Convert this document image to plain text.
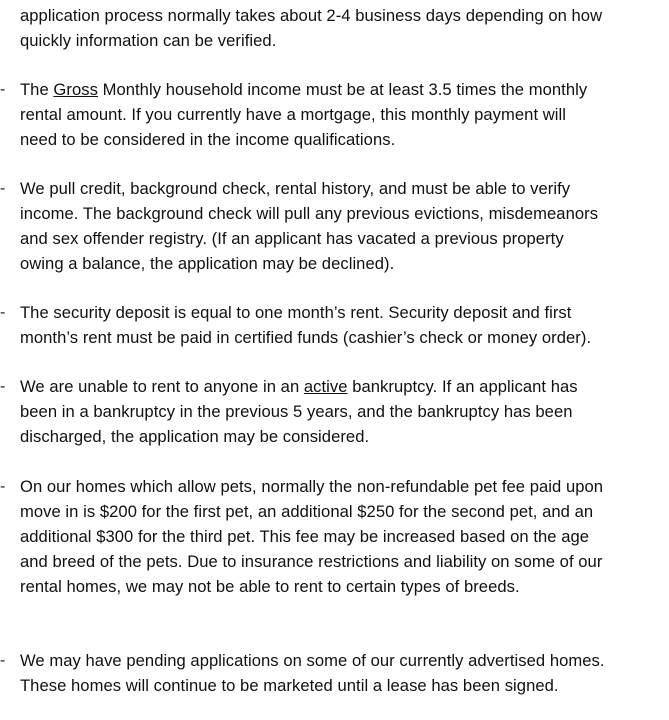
application process normally takes about 2-4 business days depending on how
quickly information can be verified.
- The Gross Monthly household income must be at least 3.5 times the monthly
rental amount. If you currently have a mortgage, this monthly payment will
need to be considered in the income qualifications.
- We pull credit, background check, rental history, and must be able to verify
income. The background check will pull any previous evictions, misdemeanors
and sex offender registry. (If an applicant has vacated a previous property
owing a balance, the application may be declined).
- The security deposit is equal to one month’s rent. Security deposit and first
month’s rent must be paid in certified funds (cashier’s check or money order).
- We are unable to rent to anyone in an active bankruptcy. If an applicant has
been in a bankruptcy in the previous 5 years, and the bankruptcy has been
discharged, the application may be considered.
- On our homes which allow pets, normally the non-refundable pet fee paid upon
move in is $200 for the first pet, an additional $250 for the second pet, and an
additional $300 for the third pet. This fee may be increased based on the age
and breed of the pets. Due to insurance restrictions and liability on some of our
rental homes, we may not be able to rent to certain types of breeds.
- We may have pending applications on some of our currently advertised homes.
These homes will continue to be marketed until a lease has been signed.
